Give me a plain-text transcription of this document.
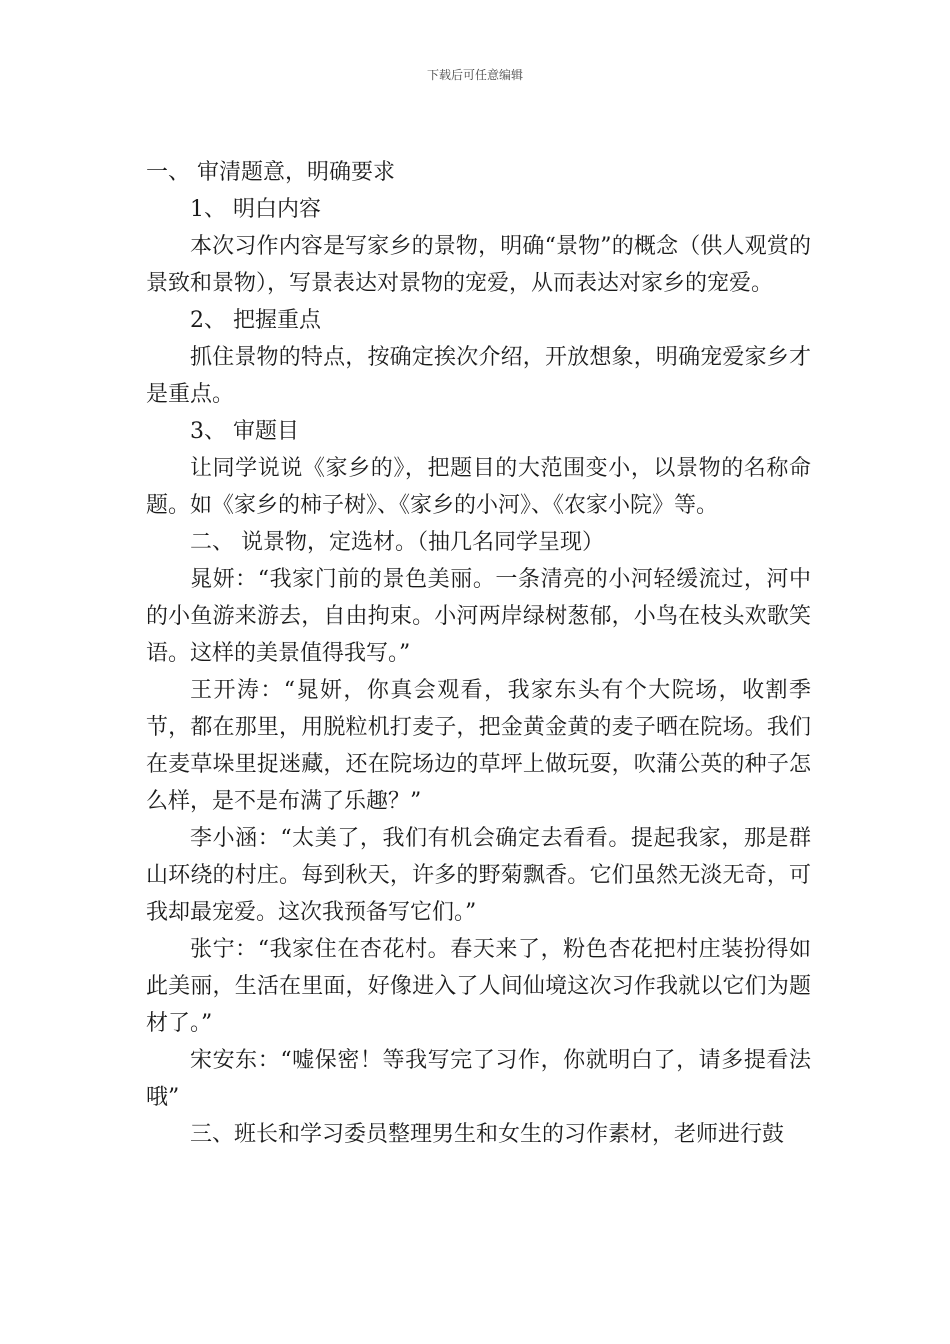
下载后可任意编辑

一、 审清题意，明确要求

1、 明白内容

本次习作内容是写家乡的景物，明确“景物”的概念（供人观赏的景致和景物），写景表达对景物的宠爱，从而表达对家乡的宠爱。

2、 把握重点

抓住景物的特点，按确定挨次介绍，开放想象，明确宠爱家乡才是重点。

3、 审题目

让同学说说《家乡的》，把题目的大范围变小，以景物的名称命题。如《家乡的柿子树》、《家乡的小河》、《农家小院》等。

二、 说景物，定选材。（抽几名同学呈现）

晁妍：“我家门前的景色美丽。一条清亮的小河轻缓流过，河中的小鱼游来游去，自由拘束。小河两岸绿树葱郁，小鸟在枝头欢歌笑语。这样的美景值得我写。”

王开涛：“晁妍，你真会观看，我家东头有个大院场，收割季节，都在那里，用脱粒机打麦子，把金黄金黄的麦子晒在院场。我们在麦草垛里捉迷藏，还在院场边的草坪上做玩耍，吹蒲公英的种子怎么样，是不是布满了乐趣？”

李小涵：“太美了，我们有机会确定去看看。提起我家，那是群山环绕的村庄。每到秋天，许多的野菊飘香。它们虽然无淡无奇，可我却最宠爱。这次我预备写它们。”

张宁：“我家住在杏花村。春天来了，粉色杏花把村庄装扮得如此美丽，生活在里面，好像进入了人间仙境这次习作我就以它们为题材了。”

宋安东：“嘘保密！等我写完了习作，你就明白了，请多提看法哦”

三、班长和学习委员整理男生和女生的习作素材，老师进行鼓
